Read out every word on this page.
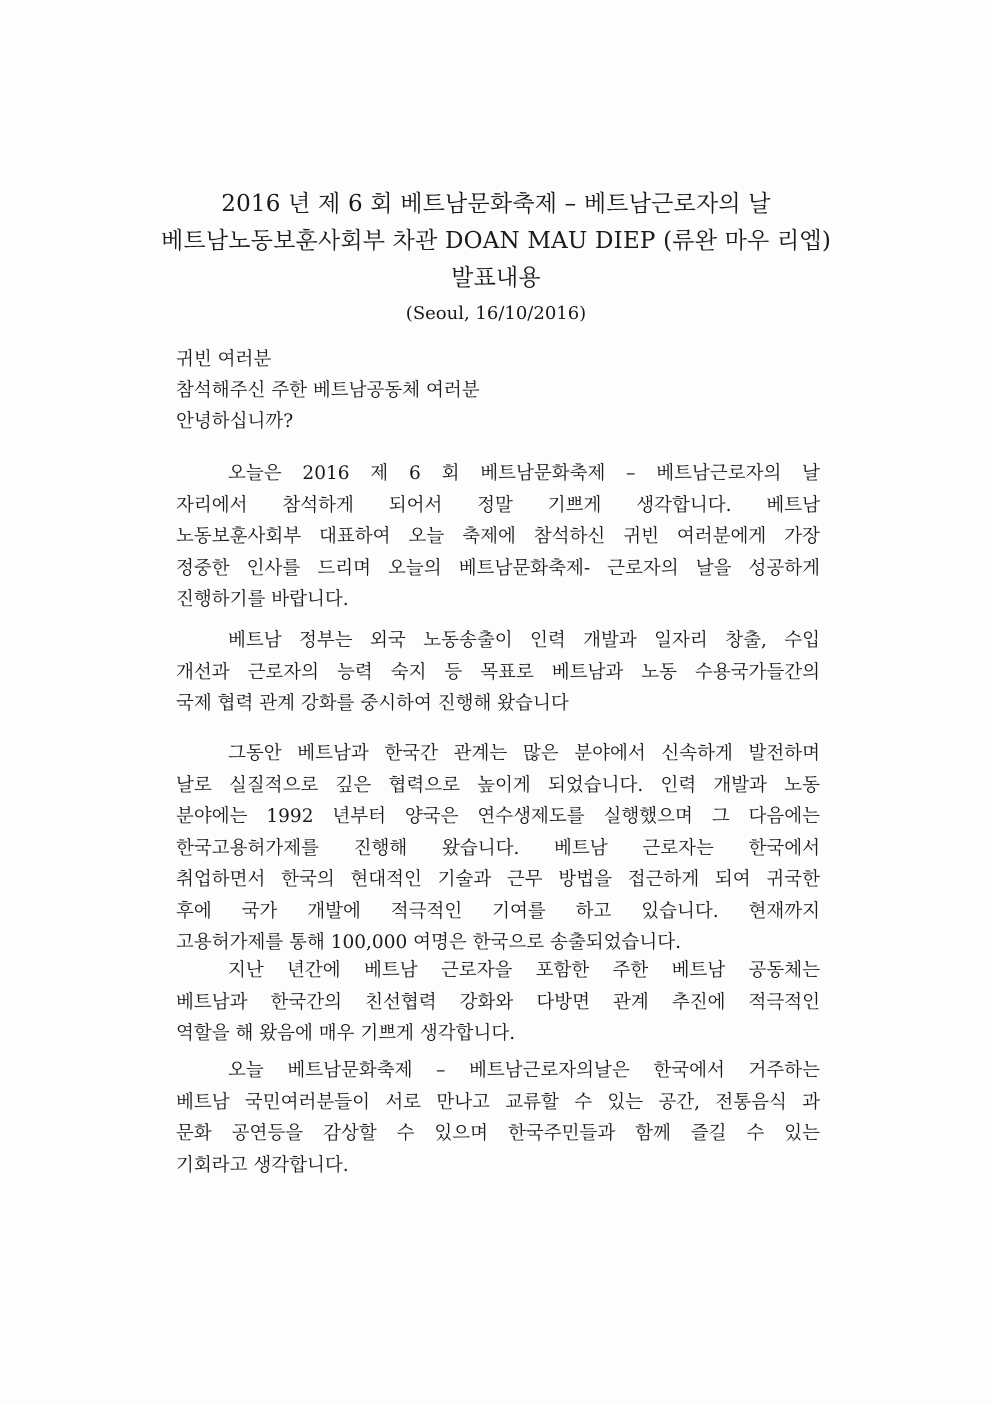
2016 년 제 6 회 베트남문화축제 – 베트남근로자의 날
베트남노동보훈사회부 차관 DOAN MAU DIEP (류완 마우 리엡)
발표내용
(Seoul, 16/10/2016)
귀빈 여러분
참석해주신 주한 베트남공동체 여러분
안녕하십니까?
오늘은 2016 제 6 회 베트남문화축제 – 베트남근로자의 날
자리에서 참석하게 되어서 정말 기쁘게 생각합니다. 베트남
노동보훈사회부 대표하여 오늘 축제에 참석하신 귀빈 여러분에게 가장
정중한 인사를 드리며 오늘의 베트남문화축제- 근로자의 날을 성공하게
진행하기를 바랍니다.
베트남 정부는 외국 노동송출이 인력 개발과 일자리 창출, 수입
개선과 근로자의 능력 숙지 등 목표로 베트남과 노동 수용국가들간의
국제 협력 관계 강화를 중시하여 진행해 왔습니다
그동안 베트남과 한국간 관계는 많은 분야에서 신속하게 발전하며
날로 실질적으로 깊은 협력으로 높이게 되었습니다. 인력 개발과 노동
분야에는 1992 년부터 양국은 연수생제도를 실행했으며 그 다음에는
한국고용허가제를 진행해 왔습니다. 베트남 근로자는 한국에서
취업하면서 한국의 현대적인 기술과 근무 방법을 접근하게 되여 귀국한
후에 국가 개발에 적극적인 기여를 하고 있습니다. 현재까지
고용허가제를 통해 100,000 여명은 한국으로 송출되었습니다.
지난 년간에 베트남 근로자을 포함한 주한 베트남 공동체는
베트남과 한국간의 친선협력 강화와 다방면 관계 추진에 적극적인
역할을 해 왔음에 매우 기쁘게 생각합니다.
오늘 베트남문화축제 – 베트남근로자의날은 한국에서 거주하는
베트남 국민여러분들이 서로 만나고 교류할 수 있는 공간, 전통음식 과
문화 공연등을 감상할 수 있으며 한국주민들과 함께 즐길 수 있는
기회라고 생각합니다.
